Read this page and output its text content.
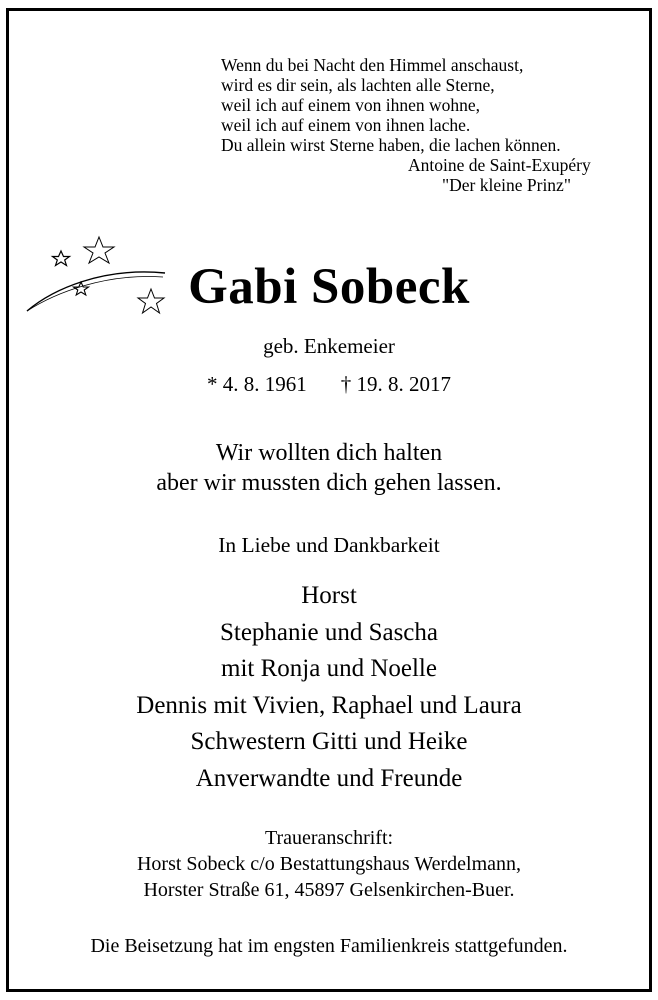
Wenn du bei Nacht den Himmel anschaust,
wird es dir sein, als lachten alle Sterne,
weil ich auf einem von ihnen wohne,
weil ich auf einem von ihnen lache.
Du allein wirst Sterne haben, die lachen können.
Antoine de Saint-Exupéry
"Der kleine Prinz"
Gabi Sobeck
geb. Enkemeier
* 4. 8. 1961 † 19. 8. 2017
Wir wollten dich halten
aber wir mussten dich gehen lassen.
In Liebe und Dankbarkeit
Horst
Stephanie und Sascha
mit Ronja und Noelle
Dennis mit Vivien, Raphael und Laura
Schwestern Gitti und Heike
Anverwandte und Freunde
Traueranschrift:
Horst Sobeck c/o Bestattungshaus Werdelmann,
Horster Straße 61, 45897 Gelsenkirchen-Buer.
Die Beisetzung hat im engsten Familienkreis stattgefunden.
